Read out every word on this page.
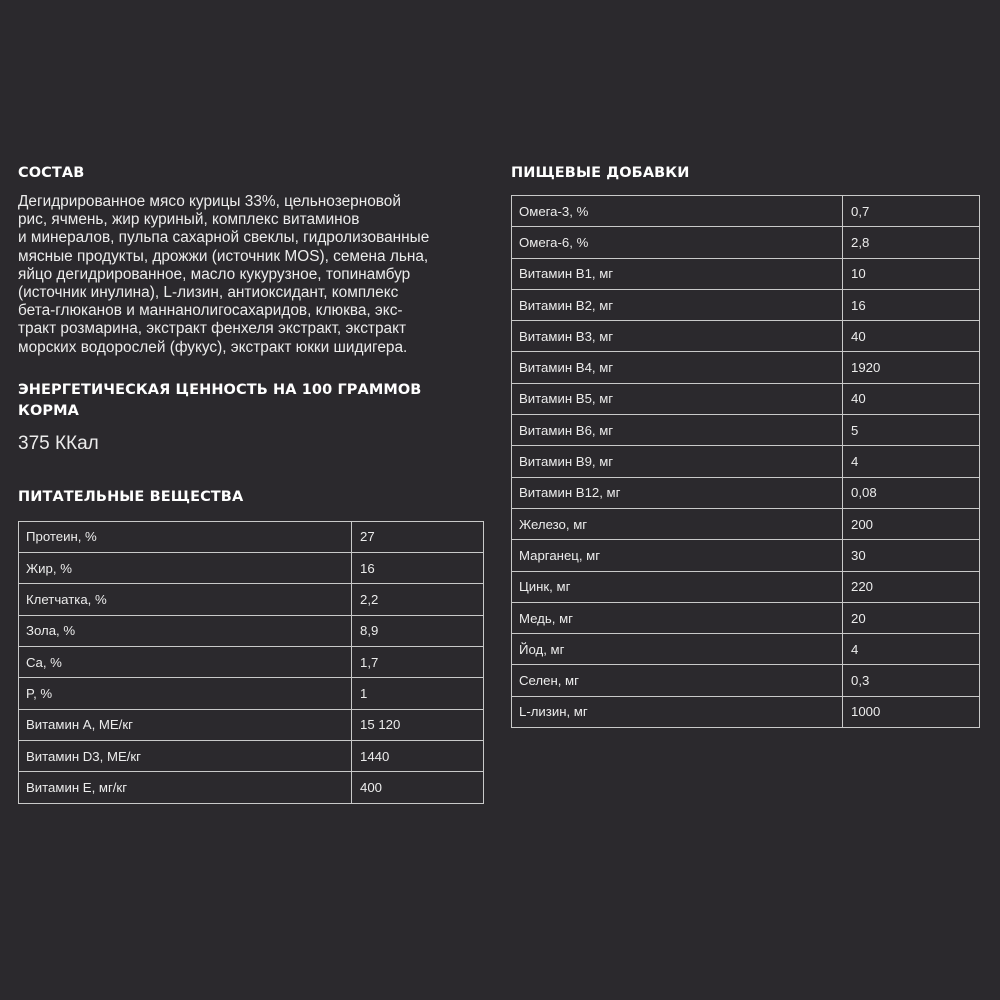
СОСТАВ
Дегидрированное мясо курицы 33%, цельнозерновой
рис, ячмень, жир куриный, комплекс витаминов
и минералов, пульпа сахарной свеклы, гидролизованные
мясные продукты, дрожжи (источник MOS), семена льна,
яйцо дегидрированное, масло кукурузное, топинамбур
(источник инулина), L-лизин, антиоксидант, комплекс
бета-глюканов и маннанолигосахаридов, клюква, экс-
тракт розмарина, экстракт фенхеля экстракт, экстракт
морских водорослей (фукус), экстракт юкки шидигера.
ЭНЕРГЕТИЧЕСКАЯ ЦЕННОСТЬ НА 100 ГРАММОВ КОРМА
375 ККал
ПИТАТЕЛЬНЫЕ ВЕЩЕСТВА
Протеин, %	27
Жир, %	16
Клетчатка, %	2,2
Зола, %	8,9
Ca, %	1,7
P, %	1
Витамин А, МЕ/кг	15 120
Витамин D3, МЕ/кг	1440
Витамин Е, мг/кг	400
ПИЩЕВЫЕ ДОБАВКИ
Омега-3, %	0,7
Омега-6, %	2,8
Витамин В1, мг	10
Витамин В2, мг	16
Витамин В3, мг	40
Витамин В4, мг	1920
Витамин В5, мг	40
Витамин В6, мг	5
Витамин В9, мг	4
Витамин В12, мг	0,08
Железо, мг	200
Марганец, мг	30
Цинк, мг	220
Медь, мг	20
Йод, мг	4
Селен, мг	0,3
L-лизин, мг	1000
